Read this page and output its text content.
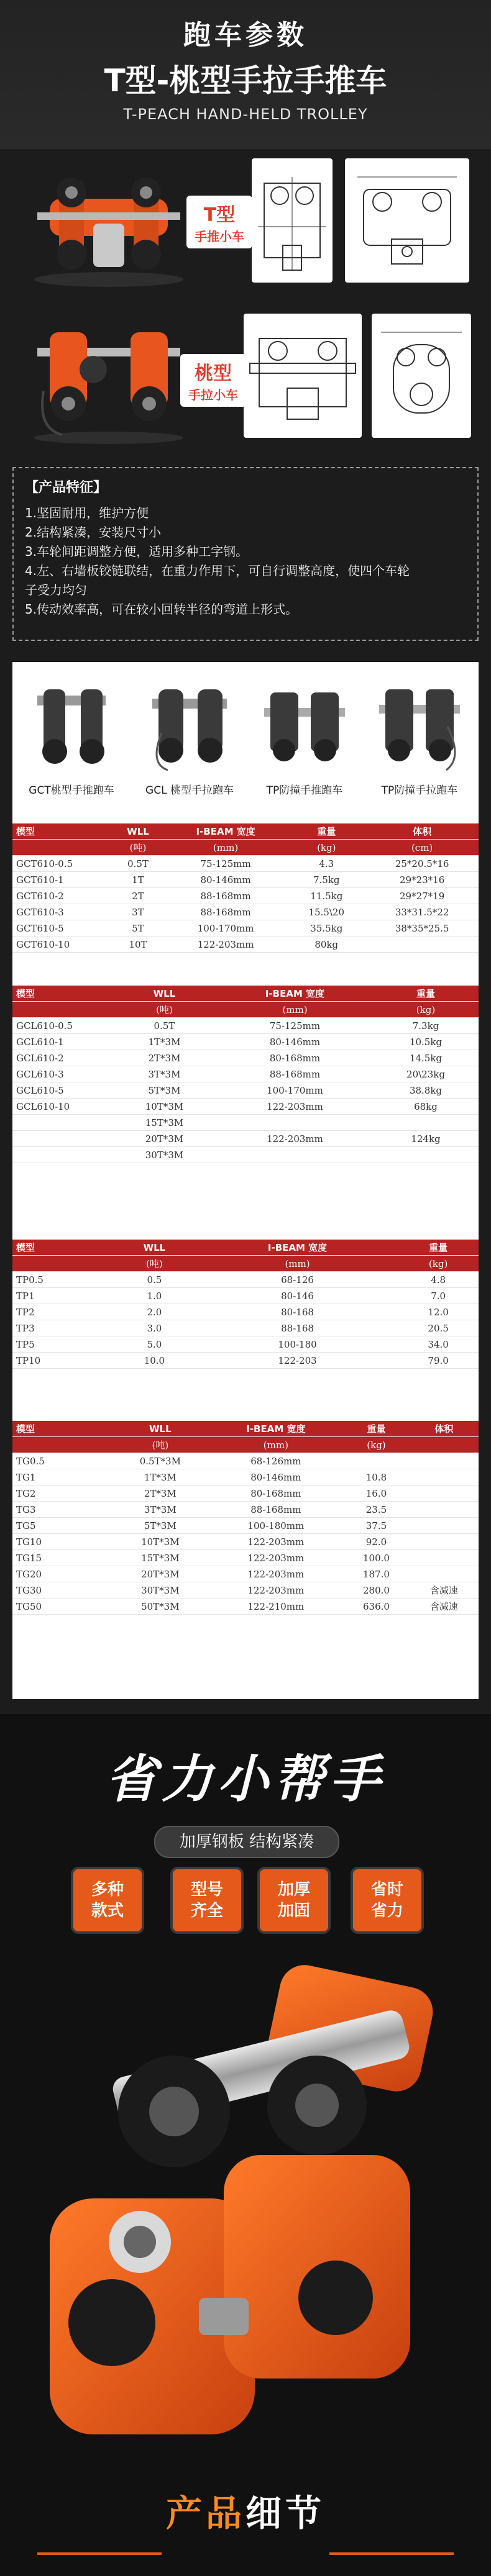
跑车参数
T型-桃型手拉手推车
T-PEACH HAND-HELD TROLLEY
T型
手推小车
桃型
手拉小车
【产品特征】
1.坚固耐用，维护方便
2.结构紧凑，安装尺寸小
3.车轮间距调整方便，适用多种工字钢。
4.左、右墙板铰链联结，在重力作用下，可自行调整高度，使四个车轮
子受力均匀
5.传动效率高，可在较小回转半径的弯道上形式。
GCT桃型手推跑车	GCL 桃型手拉跑车	TP防撞手推跑车	TP防撞手拉跑车
模型	WLL	I-BEAM 宽度	重量	体积
	(吨)	(mm)	(kg)	(cm)
GCT610-0.5	0.5T	75-125mm	4.3	25*20.5*16
GCT610-1	1T	80-146mm	7.5kg	29*23*16
GCT610-2	2T	88-168mm	11.5kg	29*27*19
GCT610-3	3T	88-168mm	15.5\20	33*31.5*22
GCT610-5	5T	100-170mm	35.5kg	38*35*25.5
GCT610-10	10T	122-203mm	80kg	
模型	WLL	I-BEAM 宽度	重量
	(吨)	(mm)	(kg)
GCL610-0.5	0.5T	75-125mm	7.3kg
GCL610-1	1T*3M	80-146mm	10.5kg
GCL610-2	2T*3M	80-168mm	14.5kg
GCL610-3	3T*3M	88-168mm	20\23kg
GCL610-5	5T*3M	100-170mm	38.8kg
GCL610-10	10T*3M	122-203mm	68kg
	15T*3M		
	20T*3M	122-203mm	124kg
	30T*3M		
模型	WLL	I-BEAM 宽度	重量
	(吨)	(mm)	(kg)
TP0.5	0.5	68-126	4.8
TP1	1.0	80-146	7.0
TP2	2.0	80-168	12.0
TP3	3.0	88-168	20.5
TP5	5.0	100-180	34.0
TP10	10.0	122-203	79.0
模型	WLL	I-BEAM 宽度	重量	体积
	(吨)	(mm)	(kg)	
TG0.5	0.5T*3M	68-126mm		
TG1	1T*3M	80-146mm	10.8	
TG2	2T*3M	80-168mm	16.0	
TG3	3T*3M	88-168mm	23.5	
TG5	5T*3M	100-180mm	37.5	
TG10	10T*3M	122-203mm	92.0	
TG15	15T*3M	122-203mm	100.0	
TG20	20T*3M	122-203mm	187.0	
TG30	30T*3M	122-203mm	280.0	含减速
TG50	50T*3M	122-210mm	636.0	含减速
省力小帮手
加厚钢板 结构紧凑
多种
款式
型号
齐全
加厚
加固
省时
省力
产品细节
